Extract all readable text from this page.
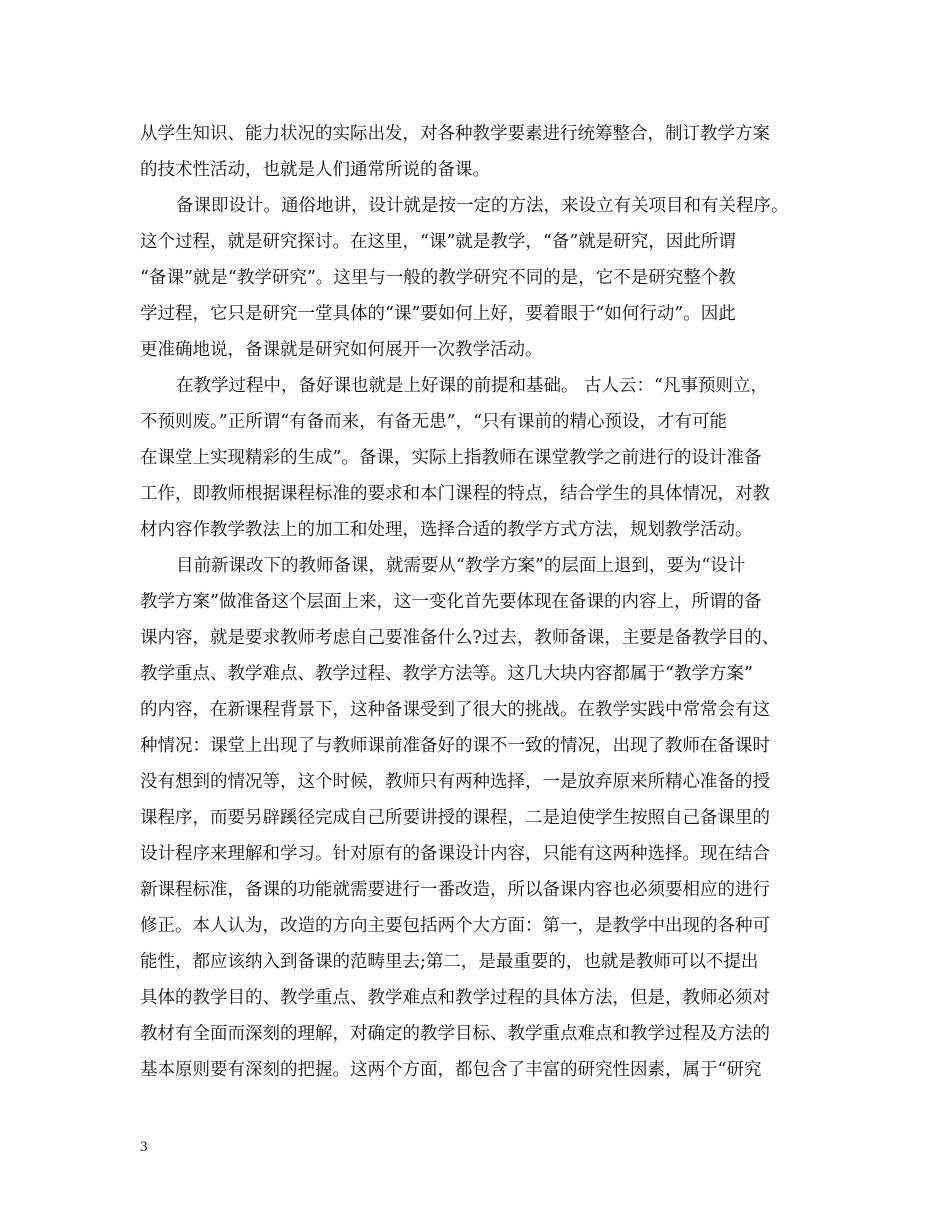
从学生知识、能力状况的实际出发，对各种教学要素进行统筹整合，制订教学方案
的技术性活动，也就是人们通常所说的备课。
备课即设计。通俗地讲，设计就是按一定的方法，来设立有关项目和有关程序。
这个过程，就是研究探讨。在这里，“课”就是教学，“备”就是研究，因此所谓
“备课”就是“教学研究”。这里与一般的教学研究不同的是，它不是研究整个教
学过程，它只是研究一堂具体的“课”要如何上好，要着眼于“如何行动”。因此
更准确地说，备课就是研究如何展开一次教学活动。
在教学过程中，备好课也就是上好课的前提和基础。 古人云：“凡事预则立，
不预则废。”正所谓“有备而来，有备无患”，“只有课前的精心预设，才有可能
在课堂上实现精彩的生成”。备课，实际上指教师在课堂教学之前进行的设计准备
工作，即教师根据课程标准的要求和本门课程的特点，结合学生的具体情况，对教
材内容作教学教法上的加工和处理，选择合适的教学方式方法，规划教学活动。
目前新课改下的教师备课，就需要从“教学方案”的层面上退到，要为“设计
教学方案”做准备这个层面上来，这一变化首先要体现在备课的内容上，所谓的备
课内容，就是要求教师考虑自己要准备什么?过去，教师备课，主要是备教学目的、
教学重点、教学难点、教学过程、教学方法等。这几大块内容都属于“教学方案”
的内容，在新课程背景下，这种备课受到了很大的挑战。在教学实践中常常会有这
种情况：课堂上出现了与教师课前准备好的课不一致的情况，出现了教师在备课时
没有想到的情况等，这个时候，教师只有两种选择，一是放弃原来所精心准备的授
课程序，而要另辟蹊径完成自己所要讲授的课程，二是迫使学生按照自己备课里的
设计程序来理解和学习。针对原有的备课设计内容，只能有这两种选择。现在结合
新课程标准，备课的功能就需要进行一番改造，所以备课内容也必须要相应的进行
修正。本人认为，改造的方向主要包括两个大方面：第一，是教学中出现的各种可
能性，都应该纳入到备课的范畴里去;第二，是最重要的，也就是教师可以不提出
具体的教学目的、教学重点、教学难点和教学过程的具体方法，但是，教师必须对
教材有全面而深刻的理解，对确定的教学目标、教学重点难点和教学过程及方法的
基本原则要有深刻的把握。这两个方面，都包含了丰富的研究性因素，属于“研究
3
